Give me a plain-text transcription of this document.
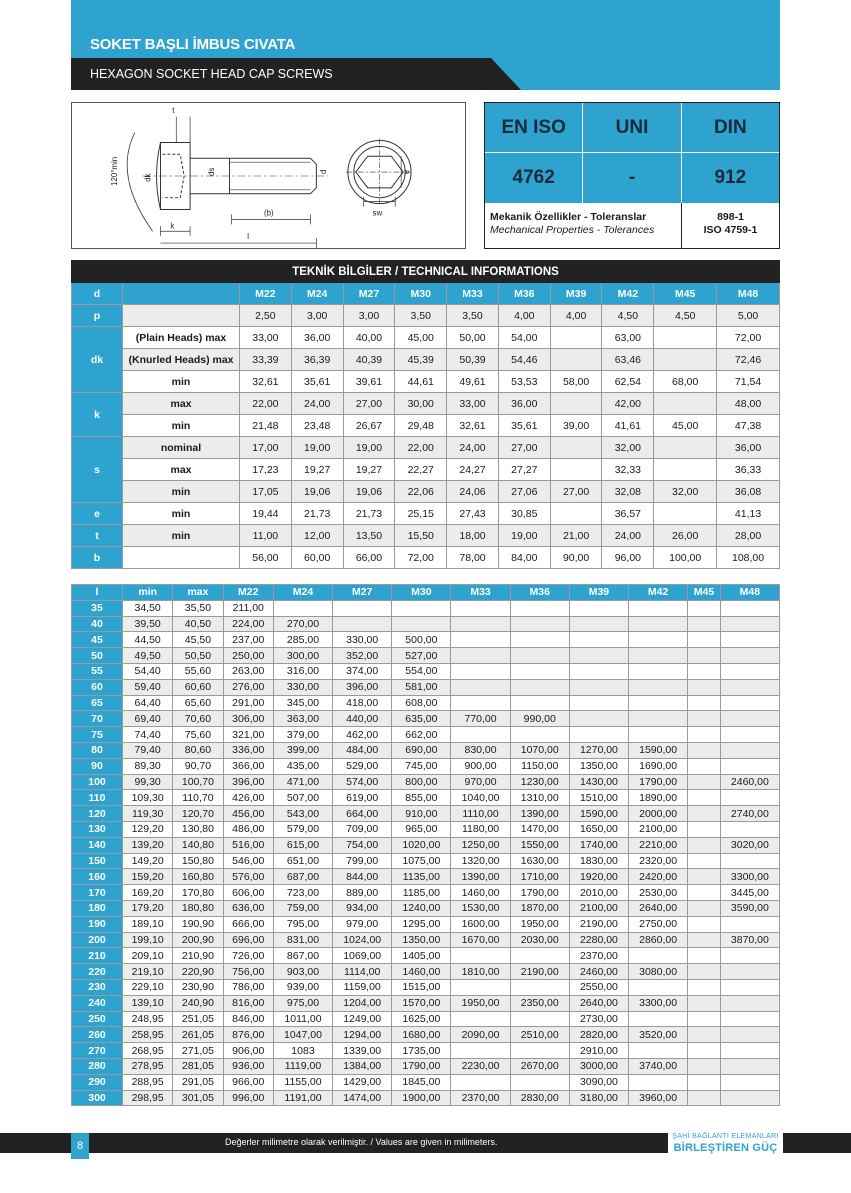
SOKET BAŞLI İMBUS CIVATA
HEXAGON SOCKET HEAD CAP SCREWS
t
120°min	dk
ds	d
(b)
l
k
e
sw
EN ISO	UNI	DIN
4762	-	912
Mekanik Özellikler - Toleranslar
Mechanical Properties - Tolerances
898-1
ISO 4759-1
TEKNİK BİLGİLER / TECHNICAL INFORMATIONS											
d		M22	M24	M27	M30	M33	M36	M39	M42	M45	M48
p		2,50	3,00	3,00	3,50	3,50	4,00	4,00	4,50	4,50	5,00
dk	(Plain Heads) max	33,00	36,00	40,00	45,00	50,00	54,00		63,00		72,00
	(Knurled Heads) max	33,39	36,39	40,39	45,39	50,39	54,46		63,46		72,46
	min	32,61	35,61	39,61	44,61	49,61	53,53	58,00	62,54	68,00	71,54
k	max	22,00	24,00	27,00	30,00	33,00	36,00		42,00		48,00
	min	21,48	23,48	26,67	29,48	32,61	35,61	39,00	41,61	45,00	47,38
s	nominal	17,00	19,00	19,00	22,00	24,00	27,00		32,00		36,00
	max	17,23	19,27	19,27	22,27	24,27	27,27		32,33		36,33
	min	17,05	19,06	19,06	22,06	24,06	27,06	27,00	32,08	32,00	36,08
e	min	19,44	21,73	21,73	25,15	27,43	30,85		36,57		41,13
t	min	11,00	12,00	13,50	15,50	18,00	19,00	21,00	24,00	26,00	28,00
b		56,00	60,00	66,00	72,00	78,00	84,00	90,00	96,00	100,00	108,00
l	min	max	M22	M24	M27	M30	M33	M36	M39	M42	M45	M48
35	34,50	35,50	211,00									
40	39,50	40,50	224,00	270,00								
45	44,50	45,50	237,00	285,00	330,00	500,00						
50	49,50	50,50	250,00	300,00	352,00	527,00						
55	54,40	55,60	263,00	316,00	374,00	554,00						
60	59,40	60,60	276,00	330,00	396,00	581,00						
65	64,40	65,60	291,00	345,00	418,00	608,00						
70	69,40	70,60	306,00	363,00	440,00	635,00	770,00	990,00				
75	74,40	75,60	321,00	379,00	462,00	662,00						
80	79,40	80,60	336,00	399,00	484,00	690,00	830,00	1070,00	1270,00	1590,00		
90	89,30	90,70	366,00	435,00	529,00	745,00	900,00	1150,00	1350,00	1690,00		
100	99,30	100,70	396,00	471,00	574,00	800,00	970,00	1230,00	1430,00	1790,00		2460,00
110	109,30	110,70	426,00	507,00	619,00	855,00	1040,00	1310,00	1510,00	1890,00		
120	119,30	120,70	456,00	543,00	664,00	910,00	1110,00	1390,00	1590,00	2000,00		2740,00
130	129,20	130,80	486,00	579,00	709,00	965,00	1180,00	1470,00	1650,00	2100,00		
140	139,20	140,80	516,00	615,00	754,00	1020,00	1250,00	1550,00	1740,00	2210,00		3020,00
150	149,20	150,80	546,00	651,00	799,00	1075,00	1320,00	1630,00	1830,00	2320,00		
160	159,20	160,80	576,00	687,00	844,00	1135,00	1390,00	1710,00	1920,00	2420,00		3300,00
170	169,20	170,80	606,00	723,00	889,00	1185,00	1460,00	1790,00	2010,00	2530,00		3445,00
180	179,20	180,80	636,00	759,00	934,00	1240,00	1530,00	1870,00	2100,00	2640,00		3590,00
190	189,10	190,90	666,00	795,00	979,00	1295,00	1600,00	1950,00	2190,00	2750,00		
200	199,10	200,90	696,00	831,00	1024,00	1350,00	1670,00	2030,00	2280,00	2860,00		3870,00
210	209,10	210,90	726,00	867,00	1069,00	1405,00			2370,00			
220	219,10	220,90	756,00	903,00	1114,00	1460,00	1810,00	2190,00	2460,00	3080,00		
230	229,10	230,90	786,00	939,00	1159,00	1515,00			2550,00			
240	139,10	240,90	816,00	975,00	1204,00	1570,00	1950,00	2350,00	2640,00	3300,00		
250	248,95	251,05	846,00	1011,00	1249,00	1625,00			2730,00			
260	258,95	261,05	876,00	1047,00	1294,00	1680,00	2090,00	2510,00	2820,00	3520,00		
270	268,95	271,05	906,00	1083	1339,00	1735,00			2910,00			
280	278,95	281,05	936,00	1119,00	1384,00	1790,00	2230,00	2670,00	3000,00	3740,00		
290	288,95	291,05	966,00	1155,00	1429,00	1845,00			3090,00			
300	298,95	301,05	996,00	1191,00	1474,00	1900,00	2370,00	2830,00	3180,00	3960,00		
8	Değerler milimetre olarak verilmiştir. / Values are given in milimeters.
ŞAHİ BAĞLANTI ELEMANLARI
BİRLEŞTİREN GÜÇ
